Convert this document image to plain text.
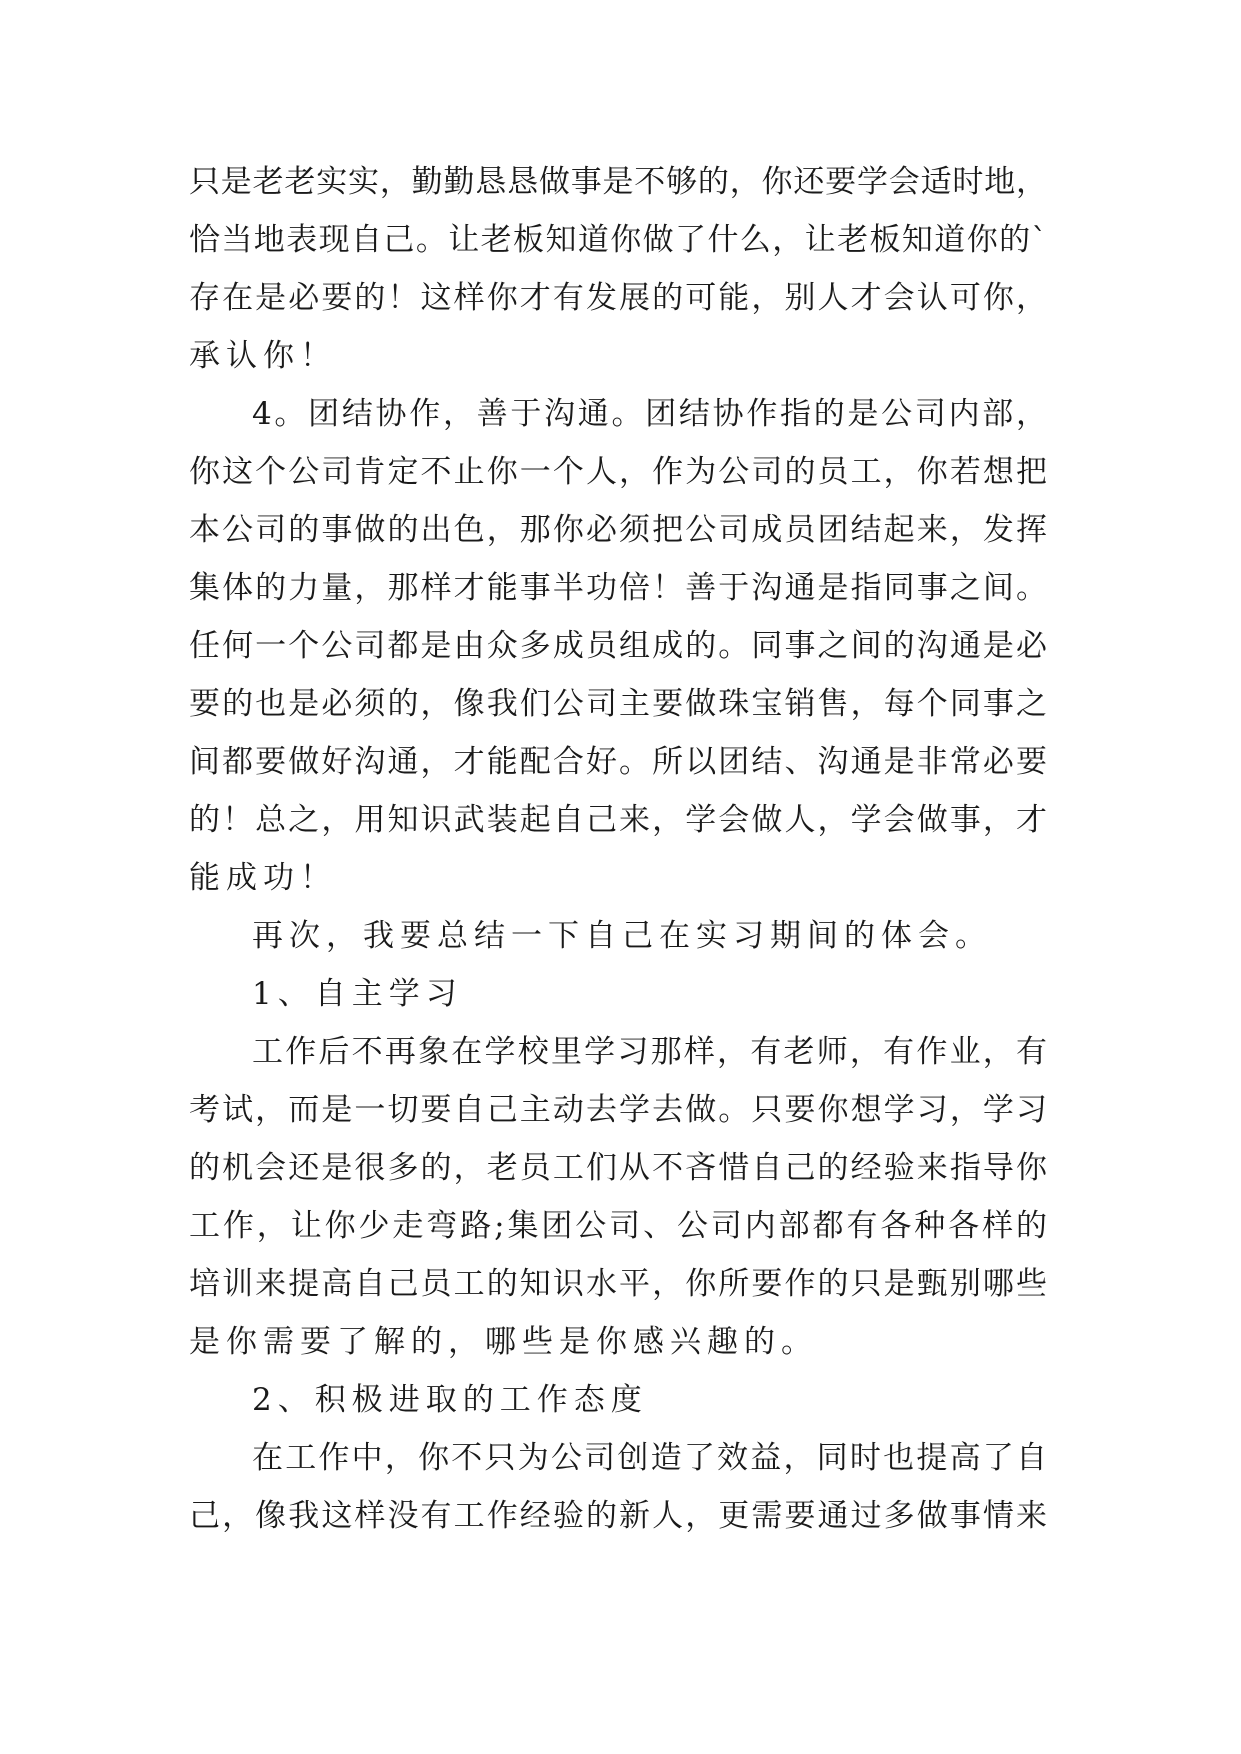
只是老老实实，勤勤恳恳做事是不够的，你还要学会适时地，
恰当地表现自己。让老板知道你做了什么，让老板知道你的`
存在是必要的！这样你才有发展的可能，别人才会认可你，
承认你！
4。团结协作，善于沟通。团结协作指的是公司内部，
你这个公司肯定不止你一个人，作为公司的员工，你若想把
本公司的事做的出色，那你必须把公司成员团结起来，发挥
集体的力量，那样才能事半功倍！善于沟通是指同事之间。
任何一个公司都是由众多成员组成的。同事之间的沟通是必
要的也是必须的，像我们公司主要做珠宝销售，每个同事之
间都要做好沟通，才能配合好。所以团结、沟通是非常必要
的！总之，用知识武装起自己来，学会做人，学会做事，才
能成功！
再次，我要总结一下自己在实习期间的体会。
1、自主学习
工作后不再象在学校里学习那样，有老师，有作业，有
考试，而是一切要自己主动去学去做。只要你想学习，学习
的机会还是很多的，老员工们从不吝惜自己的经验来指导你
工作，让你少走弯路;集团公司、公司内部都有各种各样的
培训来提高自己员工的知识水平，你所要作的只是甄别哪些
是你需要了解的，哪些是你感兴趣的。
2、积极进取的工作态度
在工作中，你不只为公司创造了效益，同时也提高了自
己，像我这样没有工作经验的新人，更需要通过多做事情来
